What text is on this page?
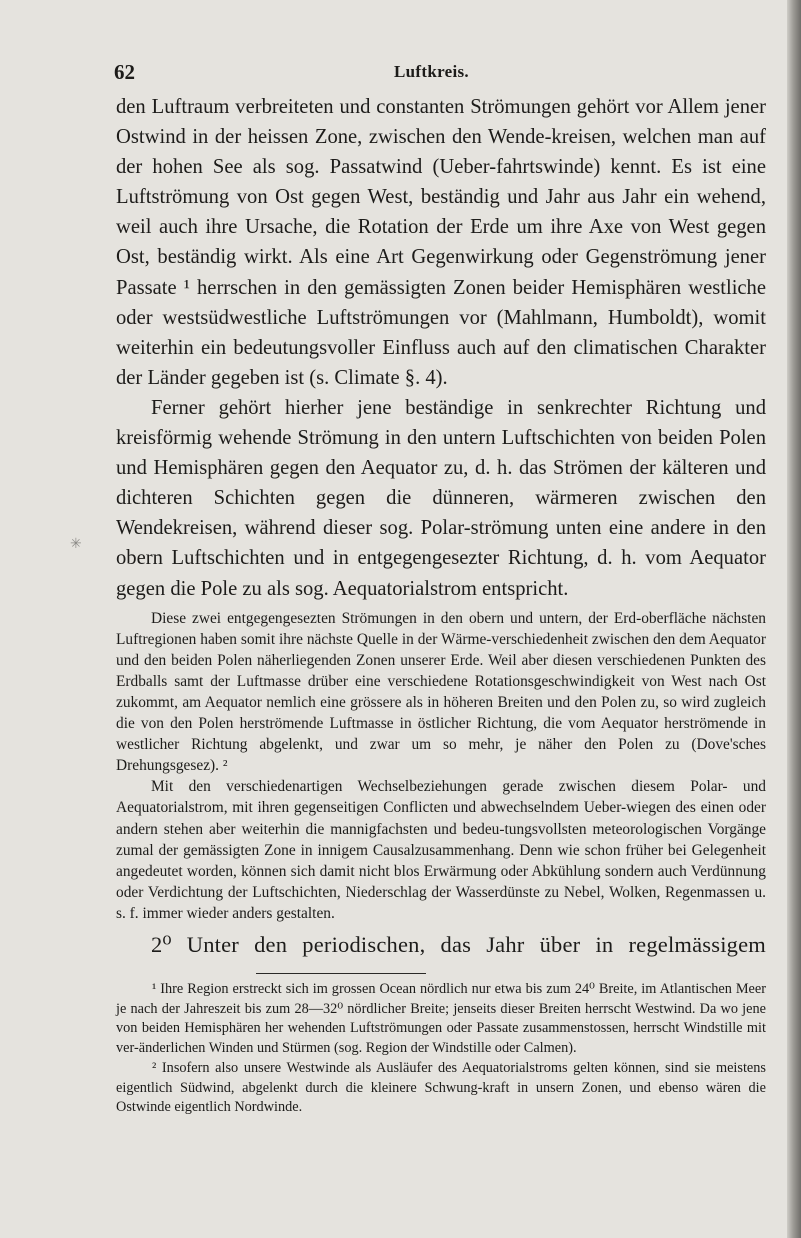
62	Luftkreis.
✳

den Luftraum verbreiteten und constanten Strömungen gehört vor Allem jener Ostwind in der heissen Zone, zwischen den Wende-kreisen, welchen man auf der hohen See als sog. Passatwind (Ueber-fahrtswinde) kennt. Es ist eine Luftströmung von Ost gegen West, beständig und Jahr aus Jahr ein wehend, weil auch ihre Ursache, die Rotation der Erde um ihre Axe von West gegen Ost, beständig wirkt. Als eine Art Gegenwirkung oder Gegenströmung jener Passate ¹ herrschen in den gemässigten Zonen beider Hemisphären westliche oder westsüdwestliche Luftströmungen vor (Mahlmann, Humboldt), womit weiterhin ein bedeutungsvoller Einfluss auch auf den climatischen Charakter der Länder gegeben ist (s. Climate §. 4).

Ferner gehört hierher jene beständige in senkrechter Richtung und kreisförmig wehende Strömung in den untern Luftschichten von beiden Polen und Hemisphären gegen den Aequator zu, d. h. das Strömen der kälteren und dichteren Schichten gegen die dünneren, wärmeren zwischen den Wendekreisen, während dieser sog. Polar-strömung unten eine andere in den obern Luftschichten und in entgegengesezter Richtung, d. h. vom Aequator gegen die Pole zu als sog. Aequatorialstrom entspricht.

Diese zwei entgegengesezten Strömungen in den obern und untern, der Erd-oberfläche nächsten Luftregionen haben somit ihre nächste Quelle in der Wärme-verschiedenheit zwischen den dem Aequator und den beiden Polen näherliegenden Zonen unserer Erde. Weil aber diesen verschiedenen Punkten des Erdballs samt der Luftmasse drüber eine verschiedene Rotationsgeschwindigkeit von West nach Ost zukommt, am Aequator nemlich eine grössere als in höheren Breiten und den Polen zu, so wird zugleich die von den Polen herströmende Luftmasse in östlicher Richtung, die vom Aequator herströmende in westlicher Richtung abgelenkt, und zwar um so mehr, je näher den Polen zu (Dove'sches Drehungsgesez). ²

Mit den verschiedenartigen Wechselbeziehungen gerade zwischen diesem Polar- und Aequatorialstrom, mit ihren gegenseitigen Conflicten und abwechselndem Ueber-wiegen des einen oder andern stehen aber weiterhin die mannigfachsten und bedeu-tungsvollsten meteorologischen Vorgänge zumal der gemässigten Zone in innigem Causalzusammenhang. Denn wie schon früher bei Gelegenheit angedeutet worden, können sich damit nicht blos Erwärmung oder Abkühlung sondern auch Verdünnung oder Verdichtung der Luftschichten, Niederschlag der Wasserdünste zu Nebel, Wolken, Regenmassen u. s. f. immer wieder anders gestalten.

2⁰ Unter den periodischen, das Jahr über in regelmässigem

¹ Ihre Region erstreckt sich im grossen Ocean nördlich nur etwa bis zum 24⁰ Breite, im Atlantischen Meer je nach der Jahreszeit bis zum 28—32⁰ nördlicher Breite; jenseits dieser Breiten herrscht Westwind. Da wo jene von beiden Hemisphären her wehenden Luftströmungen oder Passate zusammenstossen, herrscht Windstille mit ver-änderlichen Winden und Stürmen (sog. Region der Windstille oder Calmen).

² Insofern also unsere Westwinde als Ausläufer des Aequatorialstroms gelten können, sind sie meistens eigentlich Südwind, abgelenkt durch die kleinere Schwung-kraft in unsern Zonen, und ebenso wären die Ostwinde eigentlich Nordwinde.
